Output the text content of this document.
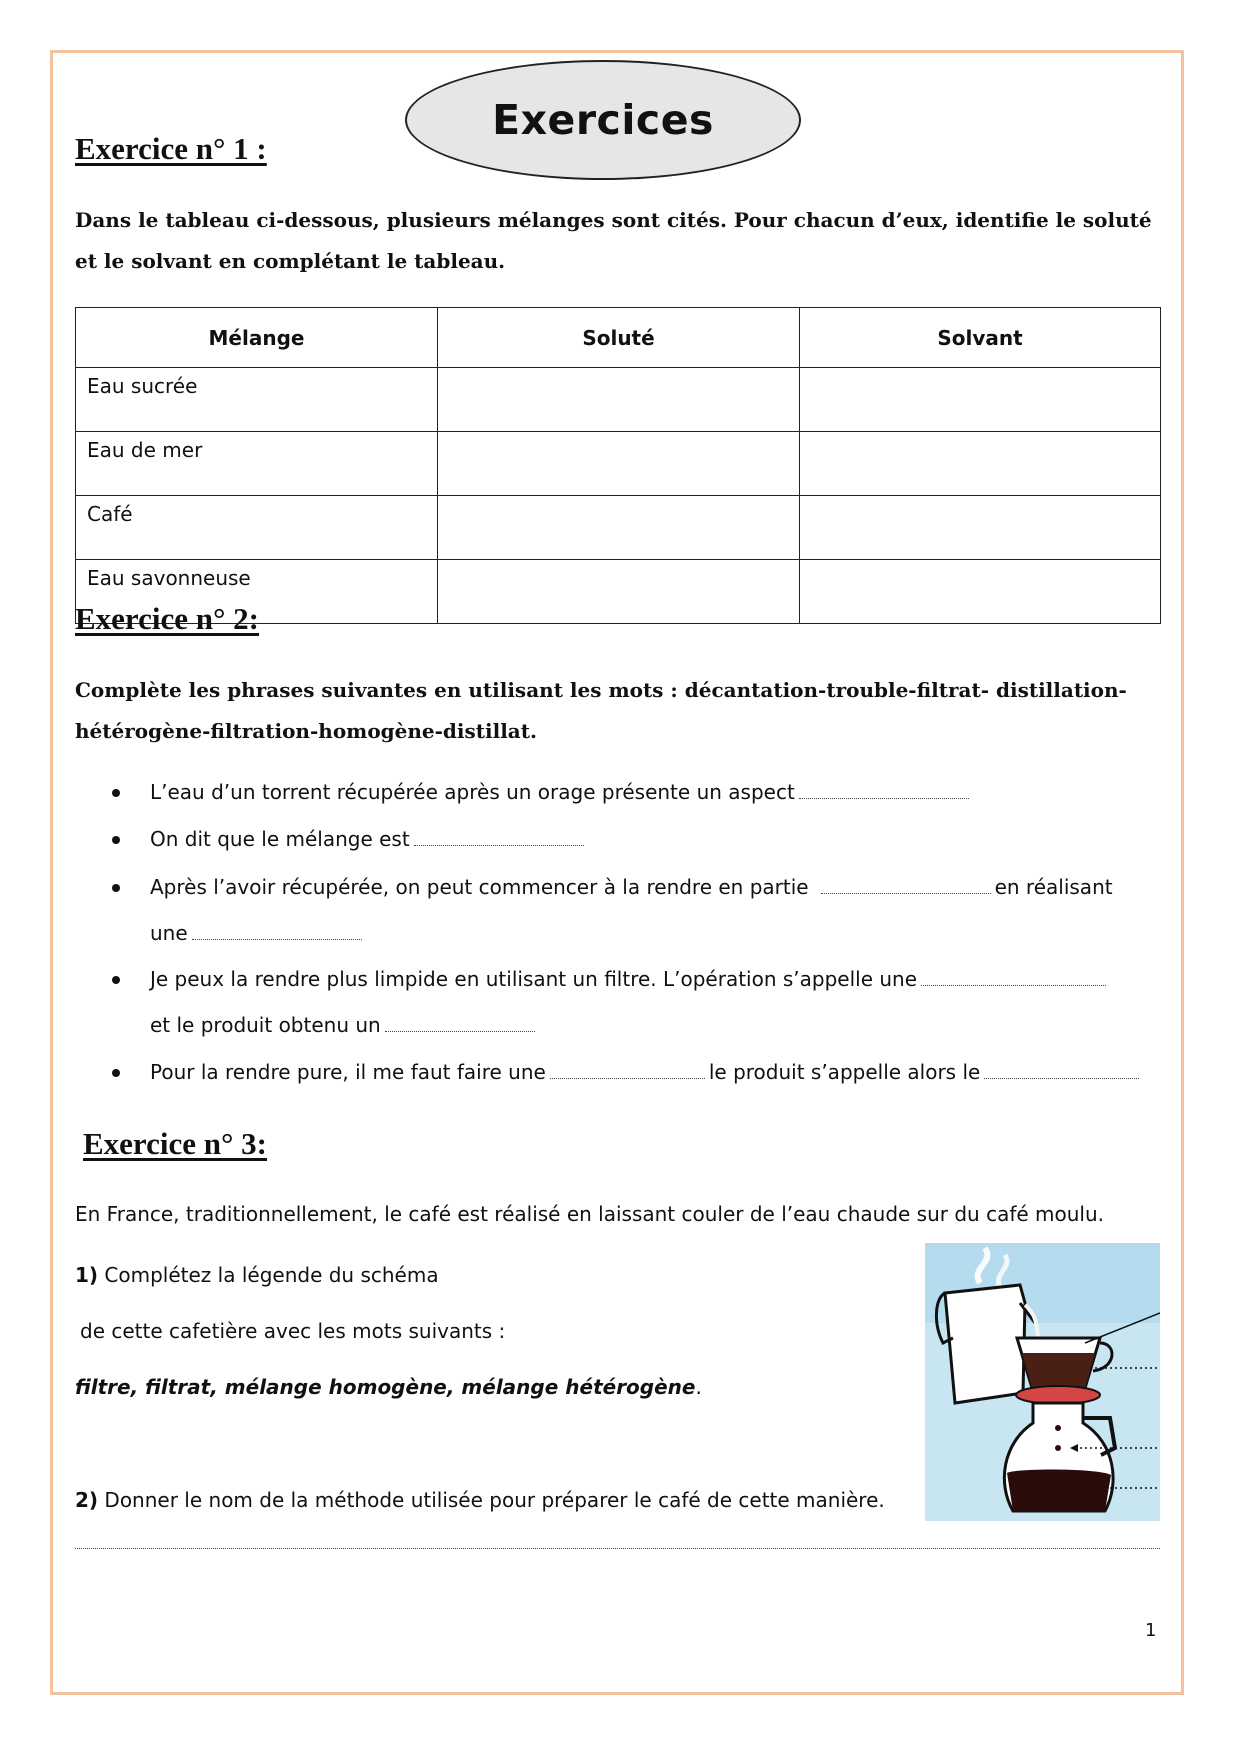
Exercices
Exercice n° 1 :
Dans le tableau ci-dessous, plusieurs mélanges sont cités. Pour chacun d’eux, identifie le soluté et le solvant en complétant le tableau.
Mélange	Soluté	Solvant
Eau sucrée		
Eau de mer		
Café		
Eau savonneuse		
Exercice n° 2:
Complète les phrases suivantes en utilisant les mots : décantation-trouble-filtrat- distillation-hétérogène-filtration-homogène-distillat.
L’eau d’un torrent récupérée après un orage présente un aspect
On dit que le mélange est
Après l’avoir récupérée, on peut commencer à la rendre en partie	en réalisant
une
Je peux la rendre plus limpide en utilisant un filtre. L’opération s’appelle une
et le produit obtenu un
Pour la rendre pure, il me faut faire une	le produit s’appelle alors le
Exercice n° 3:
En France, traditionnellement, le café est réalisé en laissant couler de l’eau chaude sur du café moulu.
1) Complétez la légende du schéma
de cette cafetière avec les mots suivants :
filtre, filtrat, mélange homogène, mélange hétérogène.
2) Donner le nom de la méthode utilisée pour préparer le café de cette manière.
1
